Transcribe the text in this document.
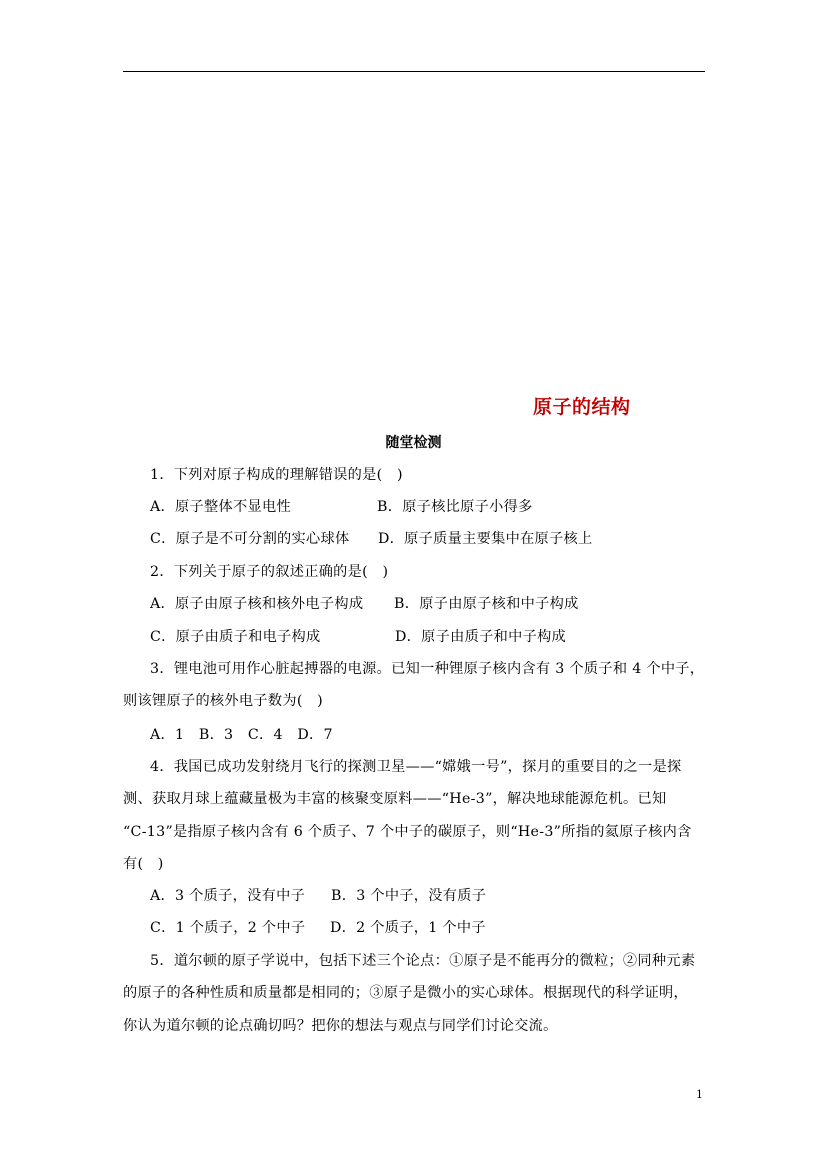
原子的结构
随堂检测
1．下列对原子构成的理解错误的是(　)
A．原子整体不显电性	B．原子核比原子小得多
C．原子是不可分割的实心球体 D．原子质量主要集中在原子核上
2．下列关于原子的叙述正确的是(　)
A．原子由原子核和核外电子构成 B．原子由原子核和中子构成
C．原子由质子和电子构成	D．原子由质子和中子构成
3．锂电池可用作心脏起搏器的电源。已知一种锂原子核内含有 3 个质子和 4 个中子，
则该锂原子的核外电子数为(　)
A．1　B．3　C．4　D．7
4．我国已成功发射绕月飞行的探测卫星——“嫦娥一号”，探月的重要目的之一是探
测、获取月球上蕴藏量极为丰富的核聚变原料——“He-3”，解决地球能源危机。已知
“C-13”是指原子核内含有 6 个质子、7 个中子的碳原子，则“He-3”所指的氦原子核内含
有(　)
A．3 个质子，没有中子 B．3 个中子，没有质子
C．1 个质子，2 个中子 D．2 个质子，1 个中子
5．道尔顿的原子学说中，包括下述三个论点：①原子是不能再分的微粒；②同种元素
的原子的各种性质和质量都是相同的；③原子是微小的实心球体。根据现代的科学证明，
你认为道尔顿的论点确切吗？把你的想法与观点与同学们讨论交流。
1
